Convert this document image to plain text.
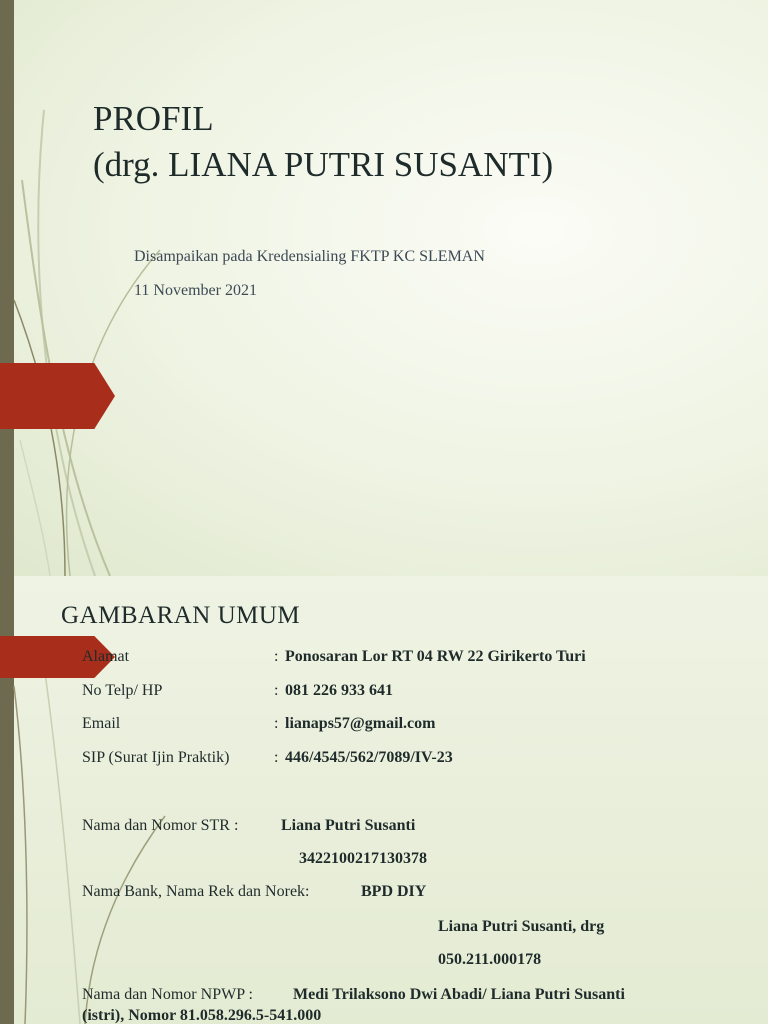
PROFIL
(drg. LIANA PUTRI SUSANTI)
Disampaikan pada Kredensialing FKTP KC SLEMAN
11 November 2021
GAMBARAN UMUM
Alamat	: Ponosaran Lor RT 04 RW 22 Girikerto Turi
No Telp/ HP	: 081 226 933 641
Email	: lianaps57@gmail.com
SIP (Surat Ijin Praktik)	: 446/4545/562/7089/IV-23
Nama dan Nomor STR :	Liana Putri Susanti
3422100217130378
Nama Bank, Nama Rek dan Norek:	BPD DIY
Liana Putri Susanti, drg
050.211.000178
Nama dan Nomor NPWP :	Medi Trilaksono Dwi Abadi/ Liana Putri Susanti
(istri), Nomor 81.058.296.5-541.000
